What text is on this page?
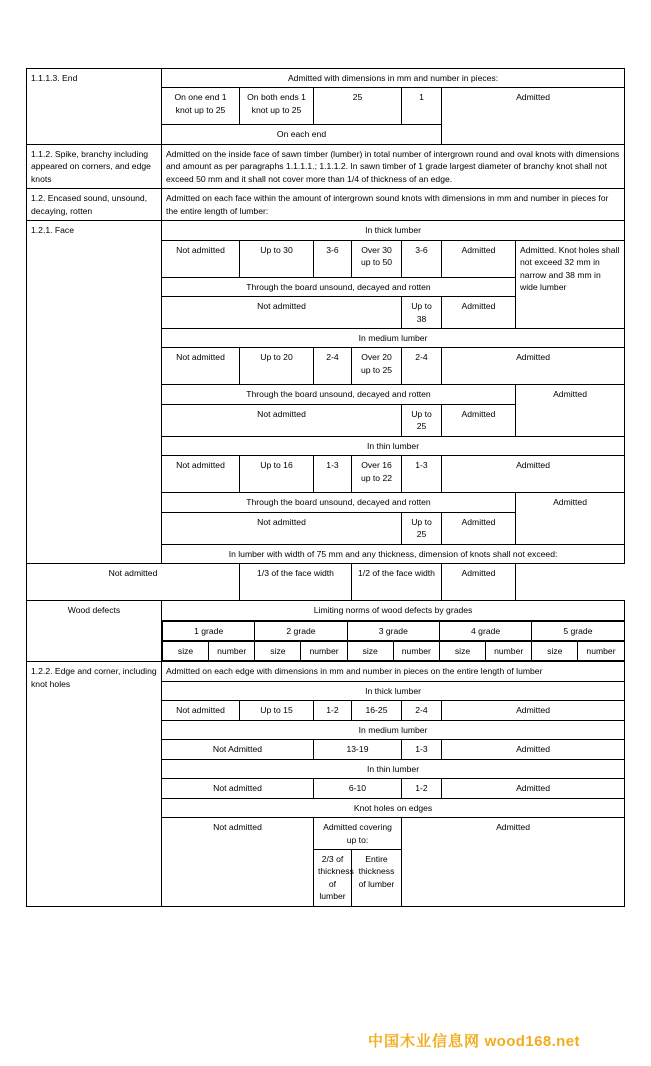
1.1.1.3. End	Admitted with dimensions in mm and number in pieces:
On one end 1 knot up to 25	On both ends 1 knot up to 25	25	1	Admitted
On each end
1.1.2. Spike, branchy including appeared on corners, and edge knots	Admitted on the inside face of sawn timber (lumber) in total number of intergrown round and oval knots with dimensions and amount as per paragraphs 1.1.1.1.; 1.1.1.2. In sawn timber of 1 grade largest diameter of branchy knot shall not exceed 50 mm and it shall not cover more than 1/4 of thickness of an edge.
1.2. Encased sound, unsound, decaying, rotten	Admitted on each face within the amount of intergrown sound knots with dimensions in mm and number in pieces for the entire length of lumber:
1.2.1. Face	In thick lumber
Not admitted	Up to 30	3-6	Over 30 up to 50	3-6	Admitted	Admitted. Knot holes shall not exceed 32 mm in narrow and 38 mm in wide lumber
Through the board unsound, decayed and rotten
Not admitted	Up to 38	Admitted
In medium lumber
Not admitted	Up to 20	2-4	Over 20 up to 25	2-4	Admitted
Through the board unsound, decayed and rotten	Admitted
Not admitted	Up to 25	Admitted
In thin lumber
Not admitted	Up to 16	1-3	Over 16 up to 22	1-3	Admitted
Through the board unsound, decayed and rotten	Admitted
Not admitted	Up to 25	Admitted
In lumber with width of 75 mm and any thickness, dimension of knots shall not exceed:
Not admitted	1/3 of the face width	1/2 of the face width	Admitted
Wood defects	Limiting norms of wood defects by grades

1 grade	2 grade	3 grade	4 grade	5 grade

size	number	size	number	size	number	size	number	size	number

1.2.2. Edge and corner, including knot holes	Admitted on each edge with dimensions in mm and number in pieces on the entire length of lumber
In thick lumber
Not admitted	Up to 15	1-2	16-25	2-4	Admitted
In medium lumber
Not Admitted	13-19	1-3	Admitted
In thin lumber
Not admitted	6-10	1-2	Admitted
Knot holes on edges
Not admitted	Admitted covering up to:	Admitted
2/3 of thickness of lumber	Entire thickness of lumber

中国木业信息网 wood168.net
